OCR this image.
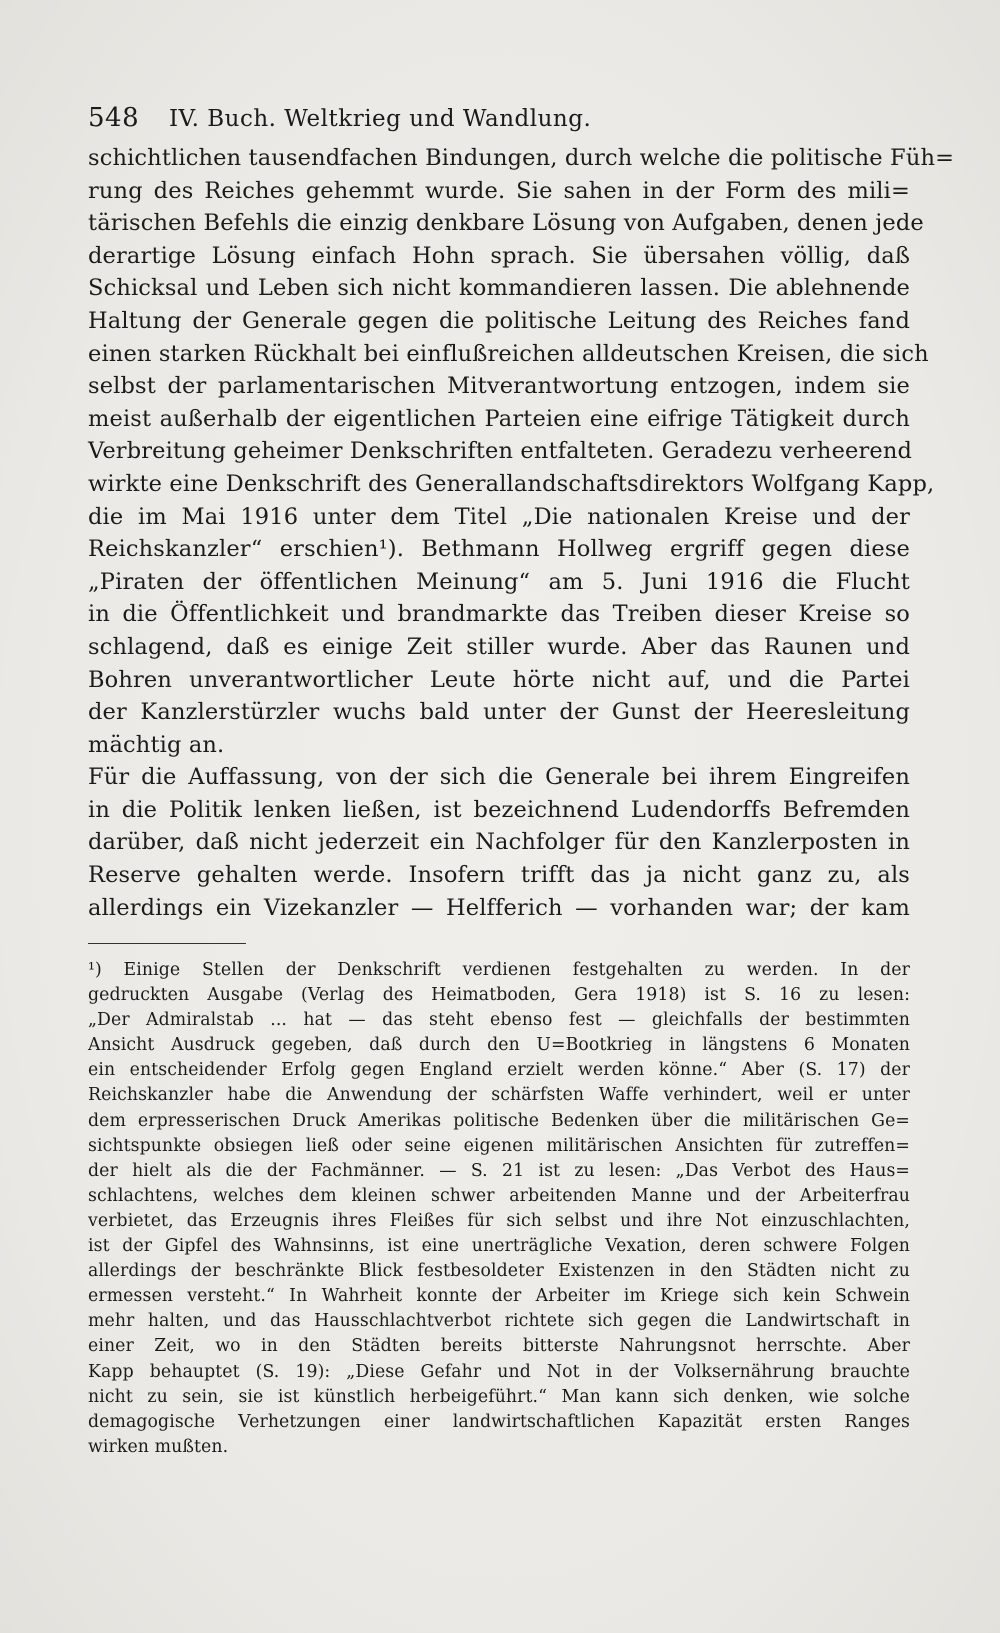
548 IV. Buch. Weltkrieg und Wandlung.
schichtlichen tausendfachen Bindungen, durch welche die politische Füh=
rung des Reiches gehemmt wurde. Sie sahen in der Form des mili=
tärischen Befehls die einzig denkbare Lösung von Aufgaben, denen jede
derartige Lösung einfach Hohn sprach. Sie übersahen völlig, daß
Schicksal und Leben sich nicht kommandieren lassen. Die ablehnende
Haltung der Generale gegen die politische Leitung des Reiches fand
einen starken Rückhalt bei einflußreichen alldeutschen Kreisen, die sich
selbst der parlamentarischen Mitverantwortung entzogen, indem sie
meist außerhalb der eigentlichen Parteien eine eifrige Tätigkeit durch
Verbreitung geheimer Denkschriften entfalteten. Geradezu verheerend
wirkte eine Denkschrift des Generallandschaftsdirektors Wolfgang Kapp,
die im Mai 1916 unter dem Titel „Die nationalen Kreise und der
Reichskanzler“ erschien¹). Bethmann Hollweg ergriff gegen diese
„Piraten der öffentlichen Meinung“ am 5. Juni 1916 die Flucht
in die Öffentlichkeit und brandmarkte das Treiben dieser Kreise so
schlagend, daß es einige Zeit stiller wurde. Aber das Raunen und
Bohren unverantwortlicher Leute hörte nicht auf, und die Partei
der Kanzlerstürzler wuchs bald unter der Gunst der Heeresleitung
mächtig an.
Für die Auffassung, von der sich die Generale bei ihrem Eingreifen
in die Politik lenken ließen, ist bezeichnend Ludendorffs Befremden
darüber, daß nicht jederzeit ein Nachfolger für den Kanzlerposten in
Reserve gehalten werde. Insofern trifft das ja nicht ganz zu, als
allerdings ein Vizekanzler — Helfferich — vorhanden war; der kam
¹) Einige Stellen der Denkschrift verdienen festgehalten zu werden. In der
gedruckten Ausgabe (Verlag des Heimatboden, Gera 1918) ist S. 16 zu lesen:
„Der Admiralstab ... hat — das steht ebenso fest — gleichfalls der bestimmten
Ansicht Ausdruck gegeben, daß durch den U=Bootkrieg in längstens 6 Monaten
ein entscheidender Erfolg gegen England erzielt werden könne.“ Aber (S. 17) der
Reichskanzler habe die Anwendung der schärfsten Waffe verhindert, weil er unter
dem erpresserischen Druck Amerikas politische Bedenken über die militärischen Ge=
sichtspunkte obsiegen ließ oder seine eigenen militärischen Ansichten für zutreffen=
der hielt als die der Fachmänner. — S. 21 ist zu lesen: „Das Verbot des Haus=
schlachtens, welches dem kleinen schwer arbeitenden Manne und der Arbeiterfrau
verbietet, das Erzeugnis ihres Fleißes für sich selbst und ihre Not einzuschlachten,
ist der Gipfel des Wahnsinns, ist eine unerträgliche Vexation, deren schwere Folgen
allerdings der beschränkte Blick festbesoldeter Existenzen in den Städten nicht zu
ermessen versteht.“ In Wahrheit konnte der Arbeiter im Kriege sich kein Schwein
mehr halten, und das Hausschlachtverbot richtete sich gegen die Landwirtschaft in
einer Zeit, wo in den Städten bereits bitterste Nahrungsnot herrschte. Aber
Kapp behauptet (S. 19): „Diese Gefahr und Not in der Volksernährung brauchte
nicht zu sein, sie ist künstlich herbeigeführt.“ Man kann sich denken, wie solche
demagogische Verhetzungen einer landwirtschaftlichen Kapazität ersten Ranges
wirken mußten.
